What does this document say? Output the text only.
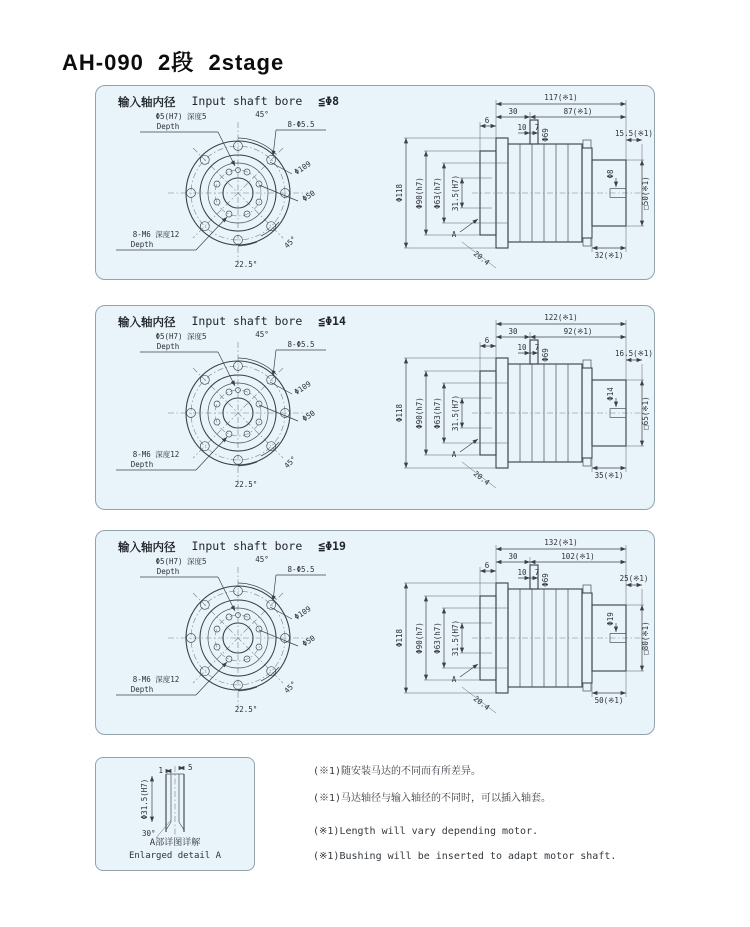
AH-090  2段  2stage
输入轴内径 Input shaft bore ≦Φ8
Φ5(H7) 深度5
Depth
45°
8-Φ5.5
Φ109
Φ50
8-M6 深度12
Depth
22.5°
45°
Φ118 Φ90(h7) Φ63(h7) 31.5(H7)
117(※1)
30	87(※1)
6
10 7
Φ69	15.5(※1)
Φ8
□50(※1)
32(※1)
A
20.4
输入轴内径 Input shaft bore ≦Φ14
Φ5(H7) 深度5
Depth
45°
8-Φ5.5
Φ109
Φ50
8-M6 深度12
Depth
22.5°
45°
Φ118 Φ90(h7) Φ63(h7) 31.5(H7)
122(※1)
30	92(※1)
6
10 7
Φ69	16.5(※1)
Φ14
□65(※1)
35(※1)
A
20.4
输入轴内径 Input shaft bore ≦Φ19
Φ5(H7) 深度5
Depth
45°
8-Φ5.5
Φ109
Φ50
8-M6 深度12
Depth
22.5°
45°
Φ118 Φ90(h7) Φ63(h7) 31.5(H7)
132(※1)
30	102(※1)
6
10 7
Φ69	25(※1)
Φ19
□80(※1)
50(※1)
A
20.4
30°
5
1
Φ31.5(H7)
A部详图详解
Enlarged detail A
(※1)随安装马达的不同而有所差异。
(※1)马达轴径与输入轴径的不同时，可以插入轴套。
(※1)Length will vary depending motor.
(※1)Bushing will be inserted to adapt motor shaft.
